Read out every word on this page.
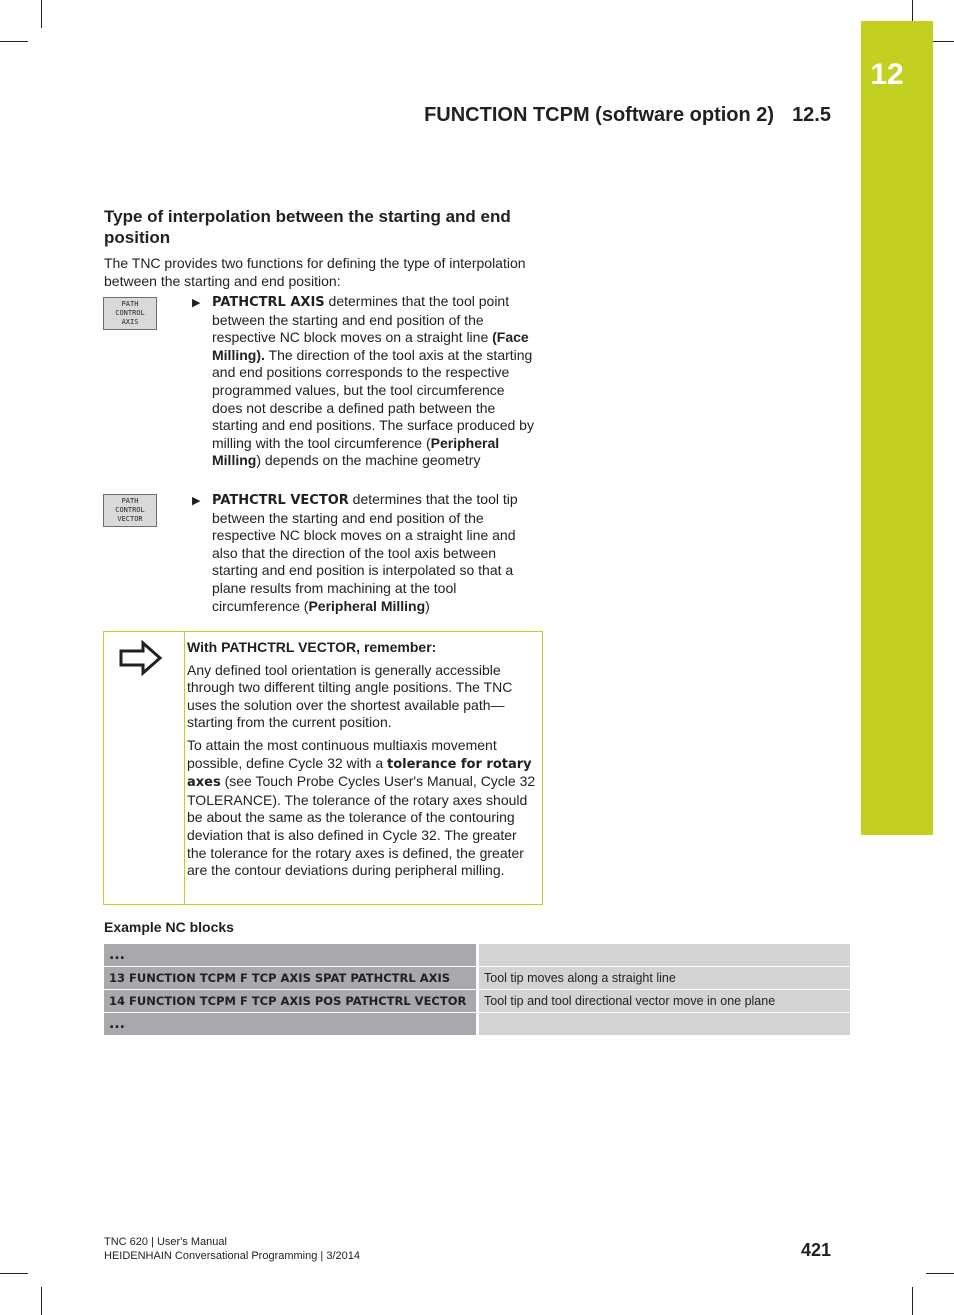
12
FUNCTION TCPM (software option 2) 12.5
Type of interpolation between the starting and end position
The TNC provides two functions for defining the type of interpolation between the starting and end position:
PATH
CONTROL
AXIS
▶ PATHCTRL AXIS determines that the tool point between the starting and end position of the respective NC block moves on a straight line (Face Milling). The direction of the tool axis at the starting and end positions corresponds to the respective programmed values, but the tool circumference does not describe a defined path between the starting and end positions. The surface produced by milling with the tool circumference (Peripheral Milling) depends on the machine geometry
PATH
CONTROL
VECTOR
▶ PATHCTRL VECTOR determines that the tool tip between the starting and end position of the respective NC block moves on a straight line and also that the direction of the tool axis between starting and end position is interpolated so that a plane results from machining at the tool circumference (Peripheral Milling)

With PATHCTRL VECTOR, remember:

Any defined tool orientation is generally accessible through two different tilting angle positions. The TNC uses the solution over the shortest available path—starting from the current position.

To attain the most continuous multiaxis movement possible, define Cycle 32 with a tolerance for rotary axes (see Touch Probe Cycles User's Manual, Cycle 32 TOLERANCE). The tolerance of the rotary axes should be about the same as the tolerance of the contouring deviation that is also defined in Cycle 32. The greater the tolerance for the rotary axes is defined, the greater are the contour deviations during peripheral milling.

Example NC blocks
...	
13 FUNCTION TCPM F TCP AXIS SPAT PATHCTRL AXIS	Tool tip moves along a straight line
14 FUNCTION TCPM F TCP AXIS POS PATHCTRL VECTOR	Tool tip and tool directional vector move in one plane
...	
TNC 620 | User's Manual
HEIDENHAIN Conversational Programming | 3/2014	421
